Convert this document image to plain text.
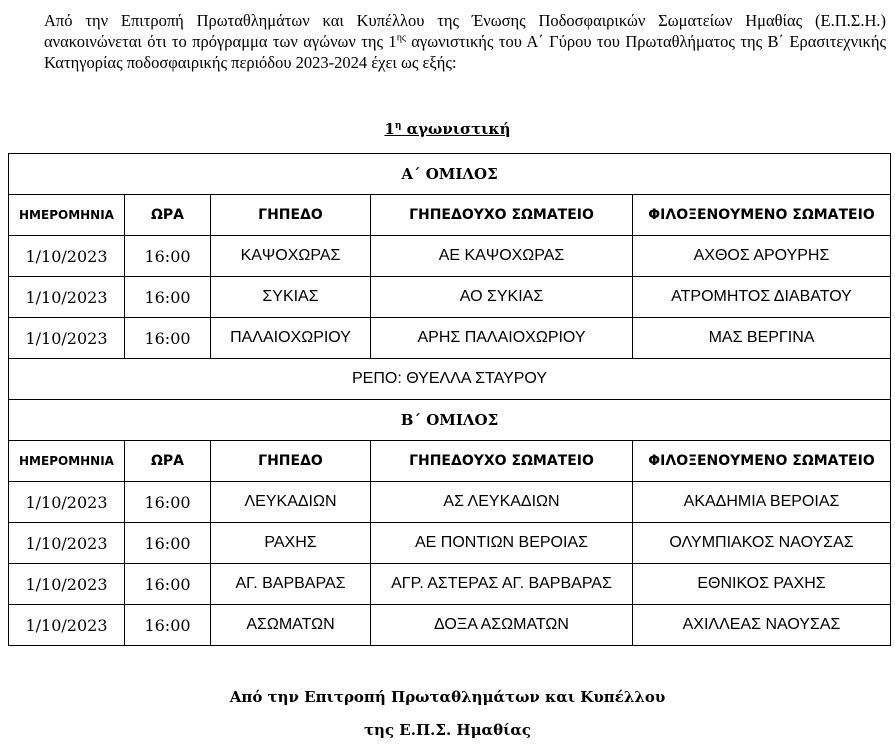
Από την Επιτροπή Πρωταθλημάτων και Κυπέλλου της Ένωσης Ποδοσφαιρικών Σωματείων Ημαθίας (Ε.Π.Σ.Η.) ανακοινώνεται ότι το πρόγραμμα των αγώνων της $1^{\eta\varsigma}$ αγωνιστικής του Α΄ Γύρου του Πρωταθλήματος της Β΄ Ερασιτεχνικής Κατηγορίας ποδοσφαιρικής περιόδου 2023-2024 έχει ως εξής:
$1^\eta$ αγωνιστική
Α΄ ΟΜΙΛΟΣ				
ΗΜΕΡΟΜΗΝΙΑ	ΩΡΑ	ΓΗΠΕΔΟ	ΓΗΠΕΔΟΥΧΟ ΣΩΜΑΤΕΙΟ	ΦΙΛΟΞΕΝΟΥΜΕΝΟ ΣΩΜΑΤΕΙΟ
1/10/2023	16:00	ΚΑΨΟΧΩΡΑΣ	ΑΕ ΚΑΨΟΧΩΡΑΣ	ΑΧΘΟΣ ΑΡΟΥΡΗΣ
1/10/2023	16:00	ΣΥΚΙΑΣ	ΑΟ ΣΥΚΙΑΣ	ΑΤΡΟΜΗΤΟΣ ΔΙΑΒΑΤΟΥ
1/10/2023	16:00	ΠΑΛΑΙΟΧΩΡΙΟΥ	ΑΡΗΣ ΠΑΛΑΙΟΧΩΡΙΟΥ	ΜΑΣ ΒΕΡΓΙΝΑ
ΡΕΠΟ: ΘΥΕΛΛΑ ΣΤΑΥΡΟΥ				
Β΄ ΟΜΙΛΟΣ				
ΗΜΕΡΟΜΗΝΙΑ	ΩΡΑ	ΓΗΠΕΔΟ	ΓΗΠΕΔΟΥΧΟ ΣΩΜΑΤΕΙΟ	ΦΙΛΟΞΕΝΟΥΜΕΝΟ ΣΩΜΑΤΕΙΟ
1/10/2023	16:00	ΛΕΥΚΑΔΙΩΝ	ΑΣ ΛΕΥΚΑΔΙΩΝ	ΑΚΑΔΗΜΙΑ ΒΕΡΟΙΑΣ
1/10/2023	16:00	ΡΑΧΗΣ	ΑΕ ΠΟΝΤΙΩΝ ΒΕΡΟΙΑΣ	ΟΛΥΜΠΙΑΚΟΣ ΝΑΟΥΣΑΣ
1/10/2023	16:00	ΑΓ. ΒΑΡΒΑΡΑΣ	ΑΓΡ. ΑΣΤΕΡΑΣ ΑΓ. ΒΑΡΒΑΡΑΣ	ΕΘΝΙΚΟΣ ΡΑΧΗΣ
1/10/2023	16:00	ΑΣΩΜΑΤΩΝ	ΔΟΞΑ ΑΣΩΜΑΤΩΝ	ΑΧΙΛΛΕΑΣ ΝΑΟΥΣΑΣ
Από την Επιτροπή Πρωταθλημάτων και Κυπέλλου
της Ε.Π.Σ. Ημαθίας
